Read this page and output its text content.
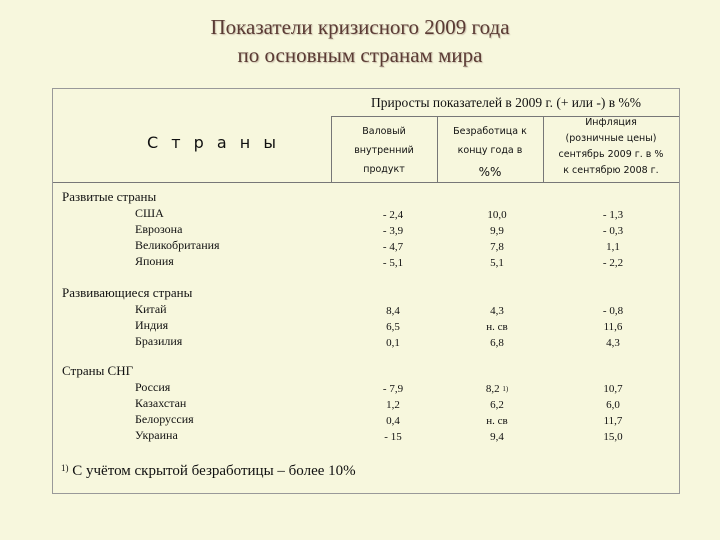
Показатели кризисного 2009 года
по основным странам мира
Приросты показателей в 2009 г. (+ или -) в %%
С т р а н ы
Валовый
внутренний
продукт
Безработица к
концу года в
%%
Инфляция
(розничные цены)
сентябрь 2009 г. в %
к сентябрю 2008 г.
Развитые страны
США
Еврозона
Великобритания
Япония
- 2,4
- 3,9
- 4,7
- 5,1
10,0
9,9
7,8
5,1
- 1,3
- 0,3
1,1
- 2,2
Развивающиеся страны
Китай
Индия
Бразилия
8,4
6,5
0,1
4,3
н. св
6,8
- 0,8
11,6
4,3
Страны СНГ
Россия
Казахстан
Белоруссия
Украина
- 7,9
1,2
0,4
- 15
8,2 $^{1)}$
6,2
н. св
9,4
10,7
6,0
11,7
15,0
$^{1)}$ С учётом скрытой безработицы – более 10%
